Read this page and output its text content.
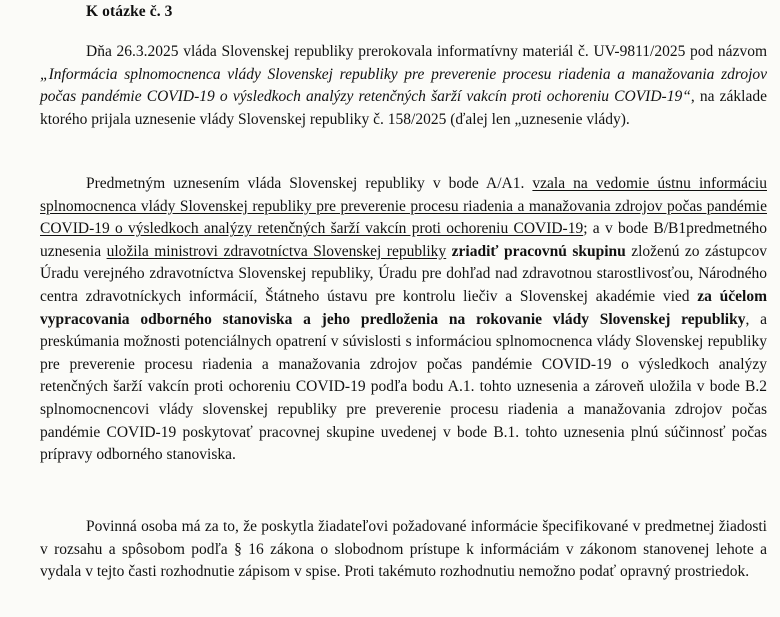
K otázke č. 3

Dňa 26.3.2025 vláda Slovenskej republiky prerokovala informatívny materiál č. UV-9811/2025 pod názvom „Informácia splnomocnenca vlády Slovenskej republiky pre preverenie procesu riadenia a manažovania zdrojov počas pandémie COVID-19 o výsledkoch analýzy retenčných šarží vakcín proti ochoreniu COVID-19“, na základe ktorého prijala uznesenie vlády Slovenskej republiky č. 158/2025 (ďalej len „uznesenie vlády).

Predmetným uznesením vláda Slovenskej republiky v bode A/A1. vzala na vedomie ústnu informáciu splnomocnenca vlády Slovenskej republiky pre preverenie procesu riadenia a manažovania zdrojov počas pandémie COVID-19 o výsledkoch analýzy retenčných šarží vakcín proti ochoreniu COVID-19; a v bode B/B1predmetného uznesenia uložila ministrovi zdravotníctva Slovenskej republiky zriadiť pracovnú skupinu zložen​ú zo zástupcov Úradu verejného zdravotníctva Slovenskej republiky, Úradu pre dohľad nad zdravotnou starostlivosťou, Národného centra zdravotníckych informácií, Štátneho ústavu pre kontrolu liečiv a Slovenskej akadémie vied za účelom vypracovania odborného stanoviska a jeho predloženia na rokovanie vlády Slovenskej republiky, a preskúmania možnosti potenciálnych opatrení v súvislosti s informáciou splnomocnenca vlády Slovenskej republiky pre preverenie procesu riadenia a manažovania zdrojov počas pandémie COVID-19 o výsledkoch analýzy retenčných šarží vakcín proti ochoreniu COVID-19 podľa bodu A.1. tohto uznesenia a zároveň uložila v bode B.2 splnomocnencovi vlády slovenskej republiky pre preverenie procesu riadenia a manažovania zdrojov počas pandémie COVID-19 poskytovať pracovnej skupine uvedenej v bode B.1. tohto uznesenia plnú súčinnosť počas prípravy odborného stanoviska.

Povinná osoba má za to, že poskytla žiadateľovi požadované informácie špecifikované v predmetnej žiadosti v rozsahu a spôsobom podľa § 16 zákona o slobodnom prístupe k informáciám v zákonom stanovenej lehote a vydala v tejto časti rozhodnutie zápisom v spise. Proti takémuto rozhodnutiu nemožno podať opravný prostriedok.
